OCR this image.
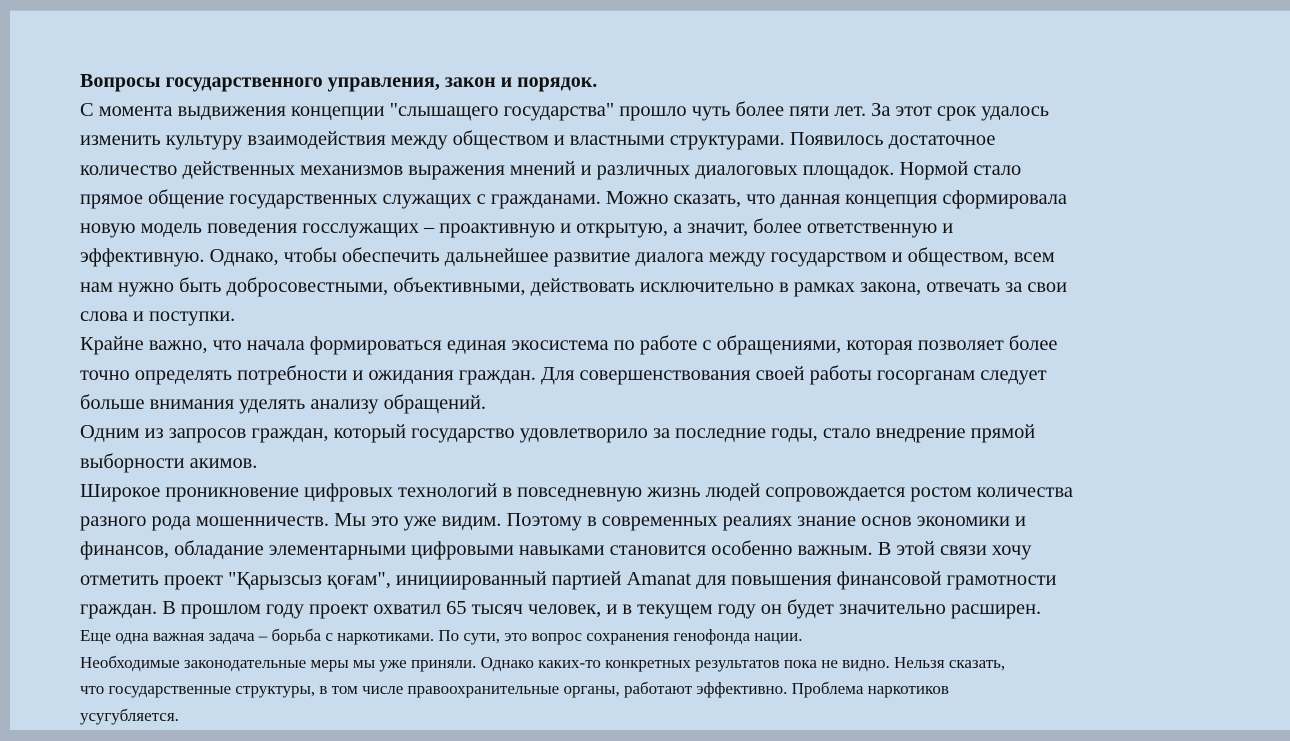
Вопросы государственного управления, закон и порядок.

С момента выдвижения концепции "слышащего государства" прошло чуть более пяти лет. За этот срок удалось
изменить культуру взаимодействия между обществом и властными структурами. Появилось достаточное
количество действенных механизмов выражения мнений и различных диалоговых площадок. Нормой стало
прямое общение государственных служащих с гражданами. Можно сказать, что данная концепция сформировала
новую модель поведения госслужащих – проактивную и открытую, а значит, более ответственную и
эффективную. Однако, чтобы обеспечить дальнейшее развитие диалога между государством и обществом, всем
нам нужно быть добросовестными, объективными, действовать исключительно в рамках закона, отвечать за свои
слова и поступки.

Крайне важно, что начала формироваться единая экосистема по работе с обращениями, которая позволяет более
точно определять потребности и ожидания граждан. Для совершенствования своей работы госорганам следует
больше внимания уделять анализу обращений.

Одним из запросов граждан, который государство удовлетворило за последние годы, стало внедрение прямой
выборности акимов.

Широкое проникновение цифровых технологий в повседневную жизнь людей сопровождается ростом количества
разного рода мошенничеств. Мы это уже видим. Поэтому в современных реалиях знание основ экономики и
финансов, обладание элементарными цифровыми навыками становится особенно важным. В этой связи хочу
отметить проект "Қарызсыз қоғам", инициированный партией Amanat для повышения финансовой грамотности
граждан. В прошлом году проект охватил 65 тысяч человек, и в текущем году он будет значительно расширен.

Еще одна важная задача – борьба с наркотиками. По сути, это вопрос сохранения генофонда нации.

Необходимые законодательные меры мы уже приняли. Однако каких-то конкретных результатов пока не видно. Нельзя сказать,
что государственные структуры, в том числе правоохранительные органы, работают эффективно. Проблема наркотиков
усугубляется.
